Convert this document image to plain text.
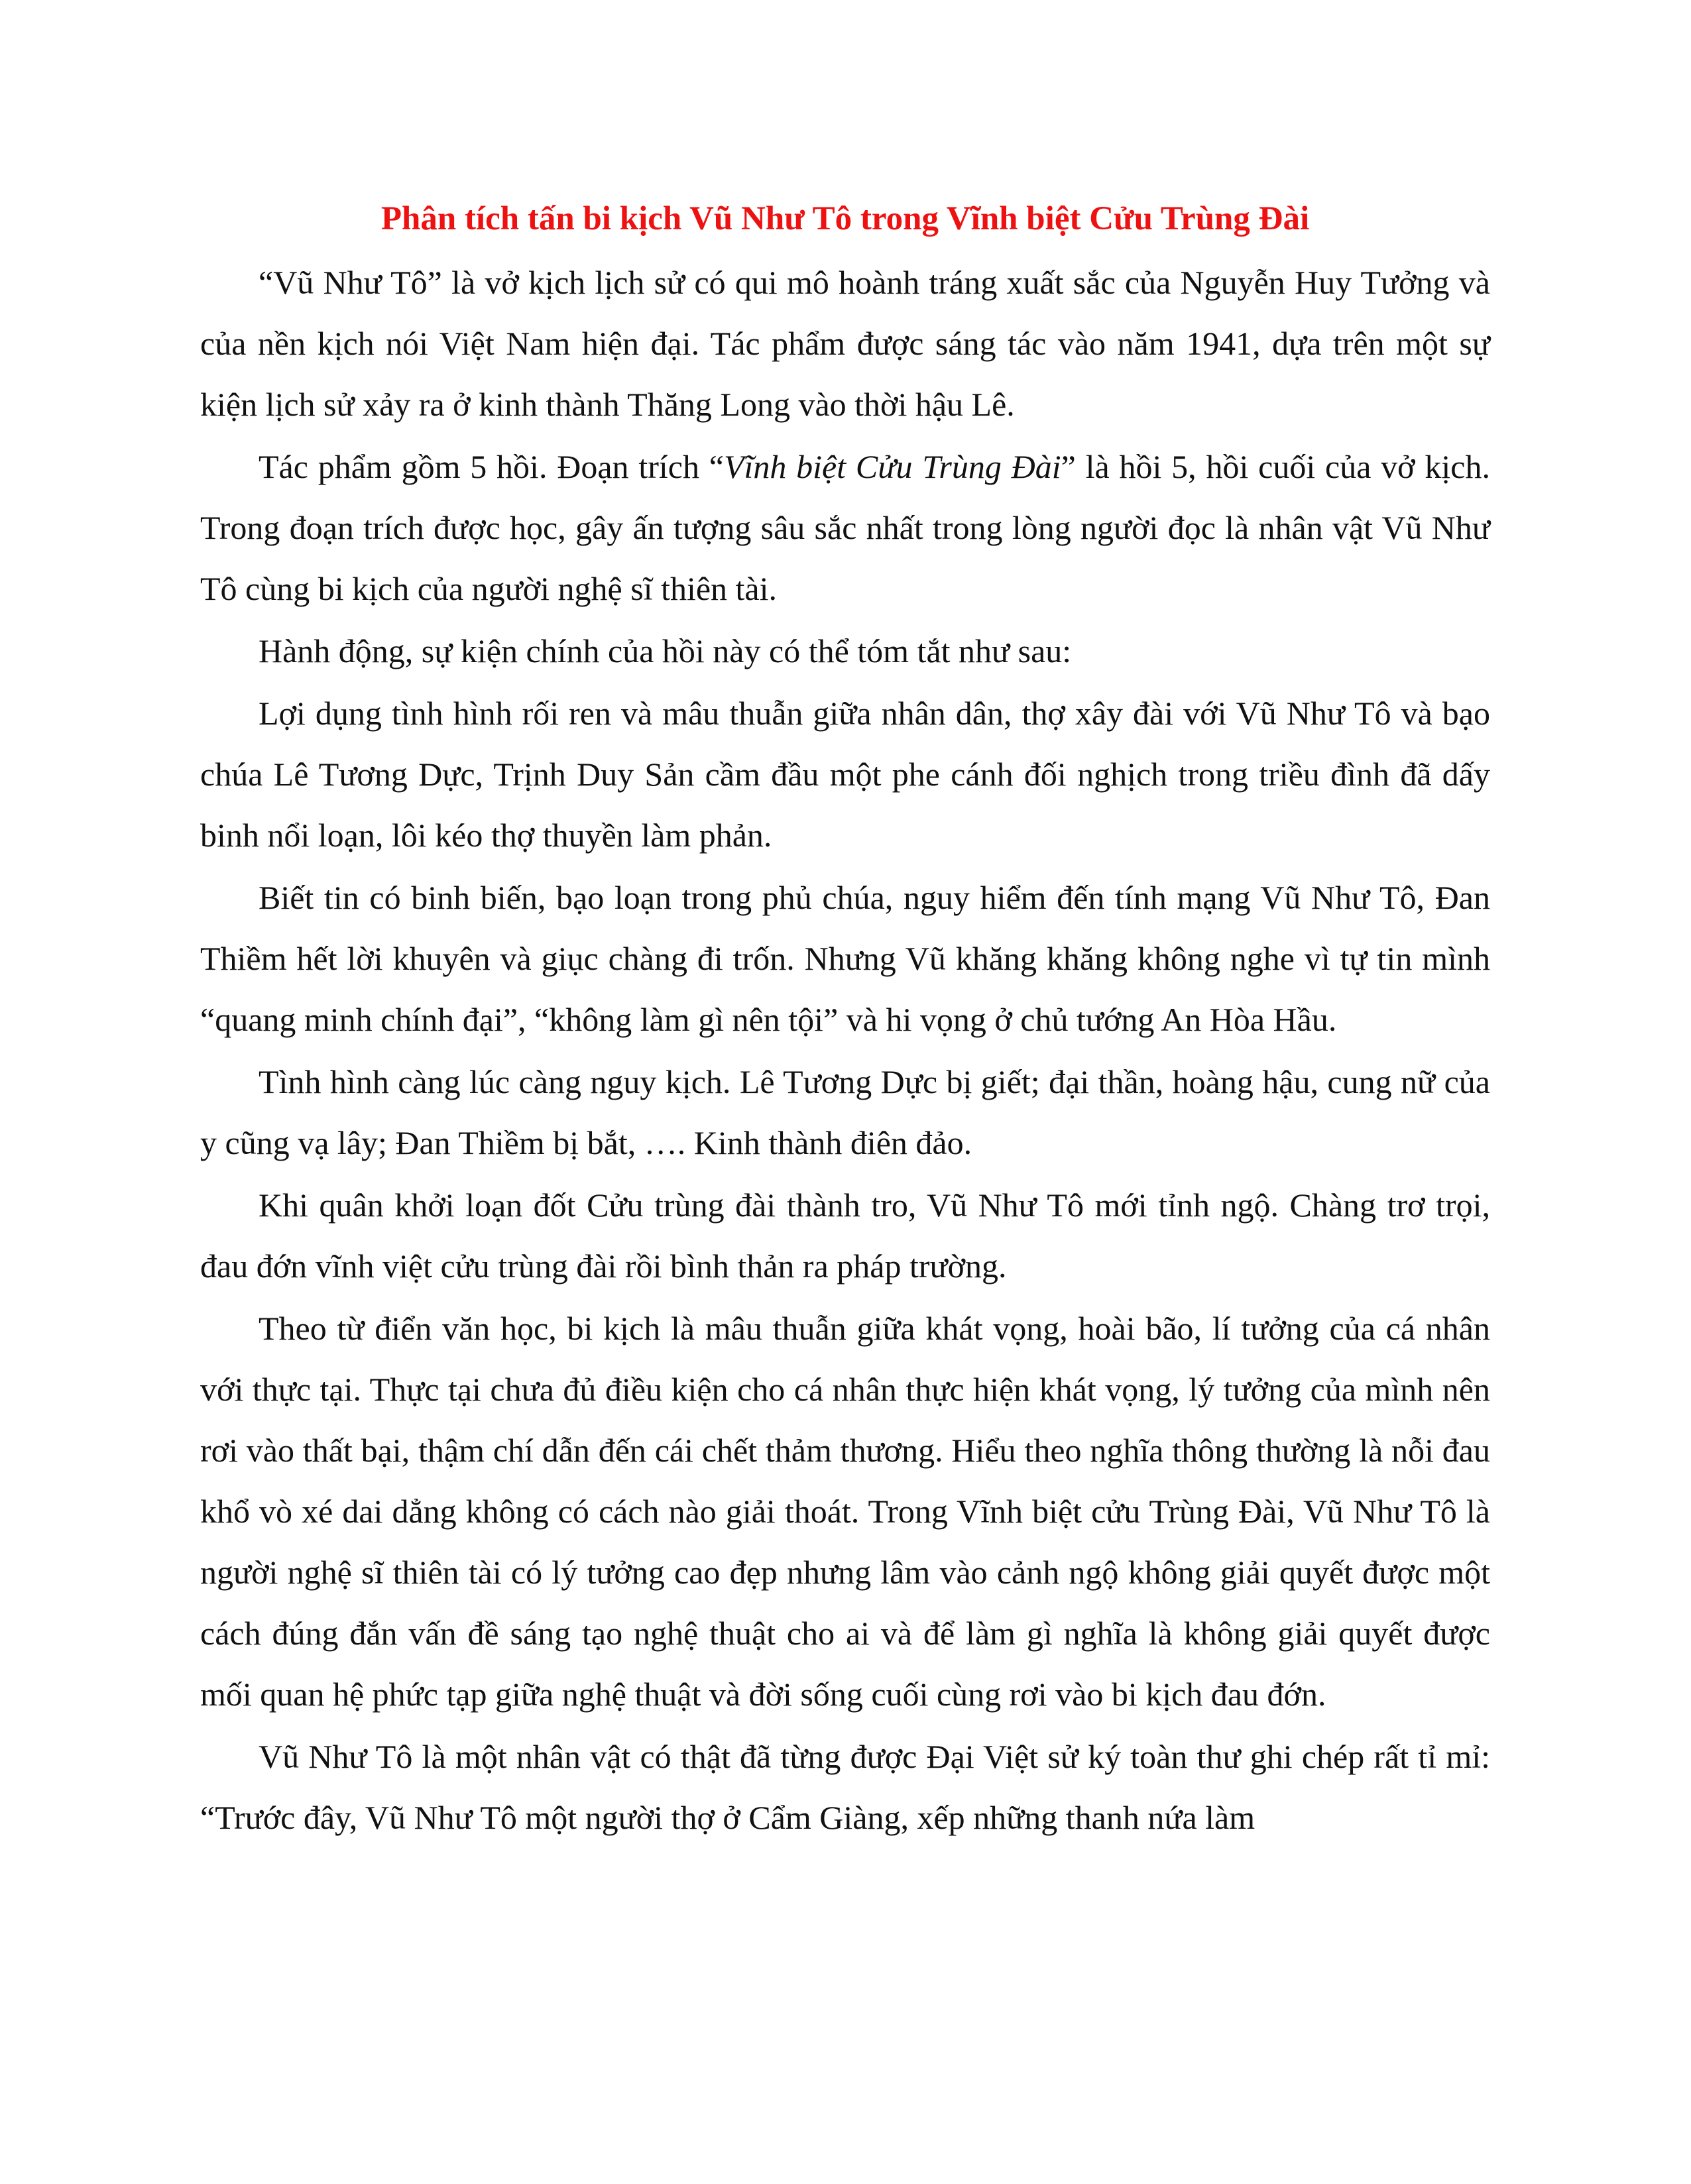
Phân tích tấn bi kịch Vũ Như Tô trong Vĩnh biệt Cửu Trùng Đài

“Vũ Như Tô” là vở kịch lịch sử có qui mô hoành tráng xuất sắc của Nguyễn Huy Tưởng và của nền kịch nói Việt Nam hiện đại. Tác phẩm được sáng tác vào năm 1941, dựa trên một sự kiện lịch sử xảy ra ở kinh thành Thăng Long vào thời hậu Lê.

Tác phẩm gồm 5 hồi. Đoạn trích “Vĩnh biệt Cửu Trùng Đài” là hồi 5, hồi cuối của vở kịch. Trong đoạn trích được học, gây ấn tượng sâu sắc nhất trong lòng người đọc là nhân vật Vũ Như Tô cùng bi kịch của người nghệ sĩ thiên tài.

Hành động, sự kiện chính của hồi này có thể tóm tắt như sau:

Lợi dụng tình hình rối ren và mâu thuẫn giữa nhân dân, thợ xây đài với Vũ Như Tô và bạo chúa Lê Tương Dực, Trịnh Duy Sản cầm đầu một phe cánh đối nghịch trong triều đình đã dấy binh nổi loạn, lôi kéo thợ thuyền làm phản.

Biết tin có binh biến, bạo loạn trong phủ chúa, nguy hiểm đến tính mạng Vũ Như Tô, Đan Thiềm hết lời khuyên và giục chàng đi trốn. Nhưng Vũ khăng khăng không nghe vì tự tin mình “quang minh chính đại”, “không làm gì nên tội” và hi vọng ở chủ tướng An Hòa Hầu.

Tình hình càng lúc càng nguy kịch. Lê Tương Dực bị giết; đại thần, hoàng hậu, cung nữ của y cũng vạ lây; Đan Thiềm bị bắt, …. Kinh thành điên đảo.

Khi quân khởi loạn đốt Cửu trùng đài thành tro, Vũ Như Tô mới tỉnh ngộ. Chàng trơ trọi, đau đớn vĩnh việt cửu trùng đài rồi bình thản ra pháp trường.

Theo từ điển văn học, bi kịch là mâu thuẫn giữa khát vọng, hoài bão, lí tưởng của cá nhân với thực tại. Thực tại chưa đủ điều kiện cho cá nhân thực hiện khát vọng, lý tưởng của mình nên rơi vào thất bại, thậm chí dẫn đến cái chết thảm thương. Hiểu theo nghĩa thông thường là nỗi đau khổ vò xé dai dẳng không có cách nào giải thoát. Trong Vĩnh biệt cửu Trùng Đài, Vũ Như Tô là người nghệ sĩ thiên tài có lý tưởng cao đẹp nhưng lâm vào cảnh ngộ không giải quyết được một cách đúng đắn vấn đề sáng tạo nghệ thuật cho ai và để làm gì nghĩa là không giải quyết được mối quan hệ phức tạp giữa nghệ thuật và đời sống cuối cùng rơi vào bi kịch đau đớn.

Vũ Như Tô là một nhân vật có thật đã từng được Đại Việt sử ký toàn thư ghi chép rất tỉ mỉ: “Trước đây, Vũ Như Tô một người thợ ở Cẩm Giàng, xếp những thanh nứa làm
